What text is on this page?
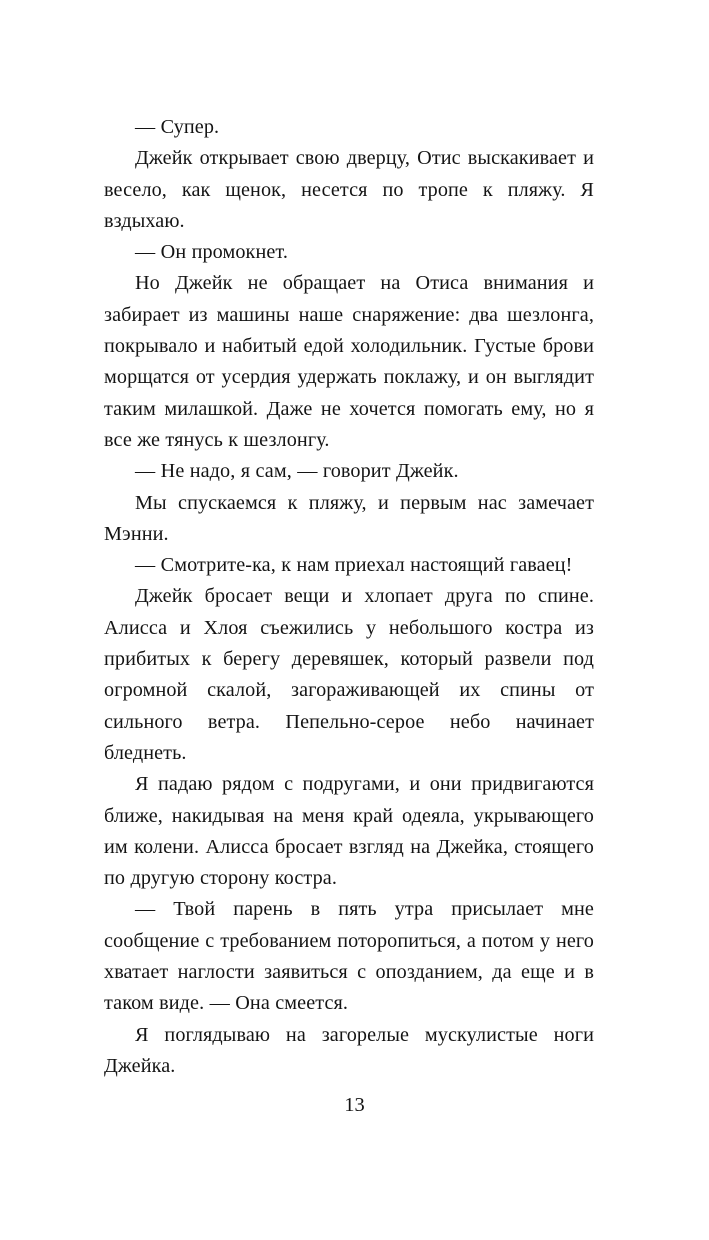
— Супер.

Джейк открывает свою дверцу, Отис выскакивает и весело, как щенок, несется по тропе к пляжу. Я вздыхаю.

— Он промокнет.

Но Джейк не обращает на Отиса внимания и забирает из машины наше снаряжение: два шезлонга, покрывало и набитый едой холодильник. Густые брови морщатся от усердия удержать поклажу, и он выглядит таким милашкой. Даже не хочется помогать ему, но я все же тянусь к шезлонгу.

— Не надо, я сам, — говорит Джейк.

Мы спускаемся к пляжу, и первым нас замечает Мэнни.

— Смотрите-ка, к нам приехал настоящий гаваец!

Джейк бросает вещи и хлопает друга по спине. Алисса и Хлоя съежились у небольшого костра из прибитых к берегу деревяшек, который развели под огромной скалой, загораживающей их спины от сильного ветра. Пепельно-серое небо начинает бледнеть.

Я падаю рядом с подругами, и они придвигаются ближе, накидывая на меня край одеяла, укрывающего им колени. Алисса бросает взгляд на Джейка, стоящего по другую сторону костра.

— Твой парень в пять утра присылает мне сообщение с требованием поторопиться, а потом у него хватает наглости заявиться с опозданием, да еще и в таком виде. — Она смеется.

Я поглядываю на загорелые мускулистые ноги Джейка.

13
